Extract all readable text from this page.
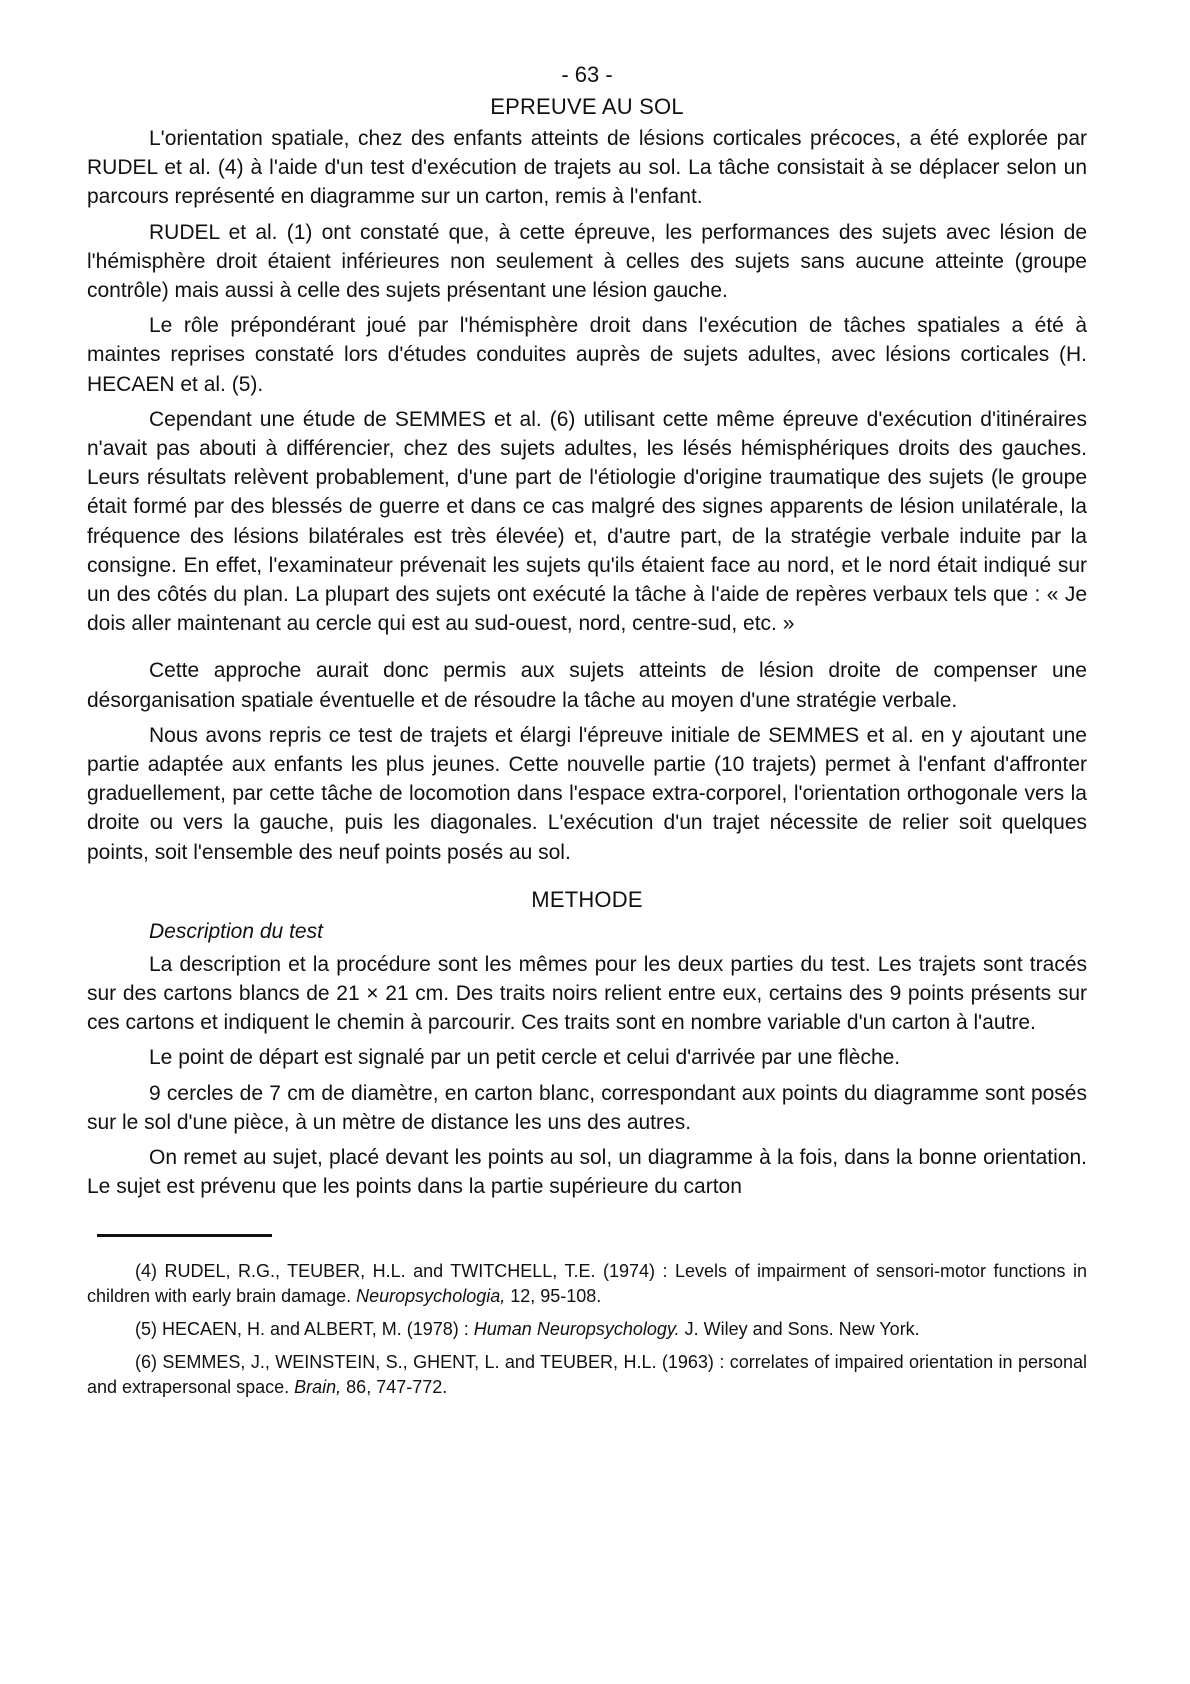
- 63 -
EPREUVE AU SOL

L'orientation spatiale, chez des enfants atteints de lésions corticales précoces, a été explorée par RUDEL et al. (4) à l'aide d'un test d'exécution de trajets au sol. La tâche consistait à se déplacer selon un parcours représenté en diagramme sur un carton, remis à l'enfant.

RUDEL et al. (1) ont constaté que, à cette épreuve, les performances des sujets avec lésion de l'hémisphère droit étaient inférieures non seulement à celles des sujets sans aucune atteinte (groupe contrôle) mais aussi à celle des sujets présentant une lésion gauche.

Le rôle prépondérant joué par l'hémisphère droit dans l'exécution de tâches spatiales a été à maintes reprises constaté lors d'études conduites auprès de sujets adultes, avec lésions corticales (H. HECAEN et al. (5).

Cependant une étude de SEMMES et al. (6) utilisant cette même épreuve d'exécution d'itinéraires n'avait pas abouti à différencier, chez des sujets adultes, les lésés hémisphériques droits des gauches. Leurs résultats relèvent probablement, d'une part de l'étiologie d'origine traumatique des sujets (le groupe était formé par des blessés de guerre et dans ce cas malgré des signes apparents de lésion unilatérale, la fréquence des lésions bilatérales est très élevée) et, d'autre part, de la stratégie verbale induite par la consigne. En effet, l'examinateur prévenait les sujets qu'ils étaient face au nord, et le nord était indiqué sur un des côtés du plan. La plupart des sujets ont exécuté la tâche à l'aide de repères verbaux tels que : « Je dois aller maintenant au cercle qui est au sud-ouest, nord, centre-sud, etc. »

Cette approche aurait donc permis aux sujets atteints de lésion droite de compenser une désorganisation spatiale éventuelle et de résoudre la tâche au moyen d'une stratégie verbale.

Nous avons repris ce test de trajets et élargi l'épreuve initiale de SEMMES et al. en y ajoutant une partie adaptée aux enfants les plus jeunes. Cette nouvelle partie (10 trajets) permet à l'enfant d'affronter graduellement, par cette tâche de locomotion dans l'espace extra-corporel, l'orientation orthogonale vers la droite ou vers la gauche, puis les diagonales. L'exécution d'un trajet nécessite de relier soit quelques points, soit l'ensemble des neuf points posés au sol.

METHODE
Description du test

La description et la procédure sont les mêmes pour les deux parties du test. Les trajets sont tracés sur des cartons blancs de 21 × 21 cm. Des traits noirs relient entre eux, certains des 9 points présents sur ces cartons et indiquent le chemin à parcourir. Ces traits sont en nombre variable d'un carton à l'autre.

Le point de départ est signalé par un petit cercle et celui d'arrivée par une flèche.

9 cercles de 7 cm de diamètre, en carton blanc, correspondant aux points du diagramme sont posés sur le sol d'une pièce, à un mètre de distance les uns des autres.

On remet au sujet, placé devant les points au sol, un diagramme à la fois, dans la bonne orientation. Le sujet est prévenu que les points dans la partie supérieure du carton

(4) RUDEL, R.G., TEUBER, H.L. and TWITCHELL, T.E. (1974) : Levels of impairment of sensori-motor functions in children with early brain damage. Neuropsychologia, 12, 95-108.

(5) HECAEN, H. and ALBERT, M. (1978) : Human Neuropsychology. J. Wiley and Sons. New York.

(6) SEMMES, J., WEINSTEIN, S., GHENT, L. and TEUBER, H.L. (1963) : correlates of impaired orientation in personal and extrapersonal space. Brain, 86, 747-772.
